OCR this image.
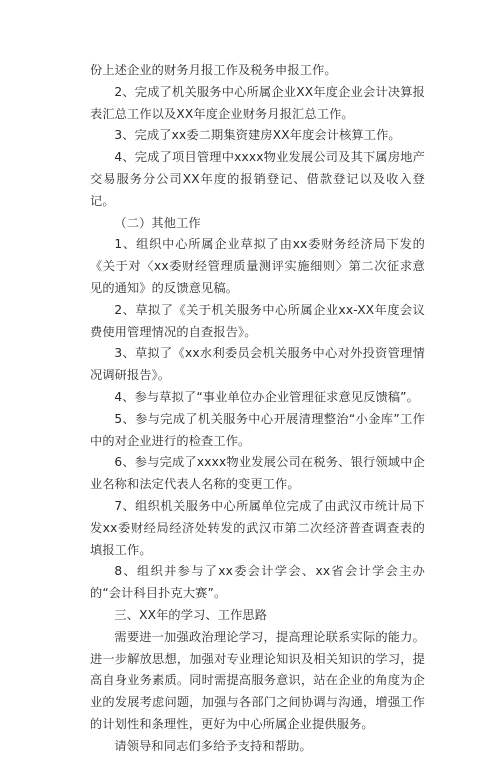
份上述企业的财务月报工作及税务申报工作。

2、完成了机关服务中心所属企业XX年度企业会计决算报表汇总工作以及XX年度企业财务月报汇总工作。

3、完成了xx委二期集资建房XX年度会计核算工作。

4、完成了项目管理中xxxx物业发展公司及其下属房地产交易服务分公司XX年度的报销登记、借款登记以及收入登记。

（二）其他工作

1、组织中心所属企业草拟了由xx委财务经济局下发的《关于对〈xx委财经管理质量测评实施细则〉第二次征求意见的通知》的反馈意见稿。

2、草拟了《关于机关服务中心所属企业xx-XX年度会议费使用管理情况的自查报告》。

3、草拟了《xx水利委员会机关服务中心对外投资管理情况调研报告》。

4、参与草拟了“事业单位办企业管理征求意见反馈稿”。

5、参与完成了机关服务中心开展清理整治“小金库”工作中的对企业进行的检查工作。

6、参与完成了xxxx物业发展公司在税务、银行领域中企业名称和法定代表人名称的变更工作。

7、组织机关服务中心所属单位完成了由武汉市统计局下发xx委财经局经济处转发的武汉市第二次经济普查调查表的填报工作。

8、组织并参与了xx委会计学会、xx省会计学会主办的“会计科目扑克大赛”。

三、XX年的学习、工作思路

需要进一加强政治理论学习，提高理论联系实际的能力。进一步解放思想，加强对专业理论知识及相关知识的学习，提高自身业务素质。同时需提高服务意识，站在企业的角度为企业的发展考虑问题，加强与各部门之间协调与沟通，增强工作的计划性和条理性，更好为中心所属企业提供服务。

请领导和同志们多给予支持和帮助。
